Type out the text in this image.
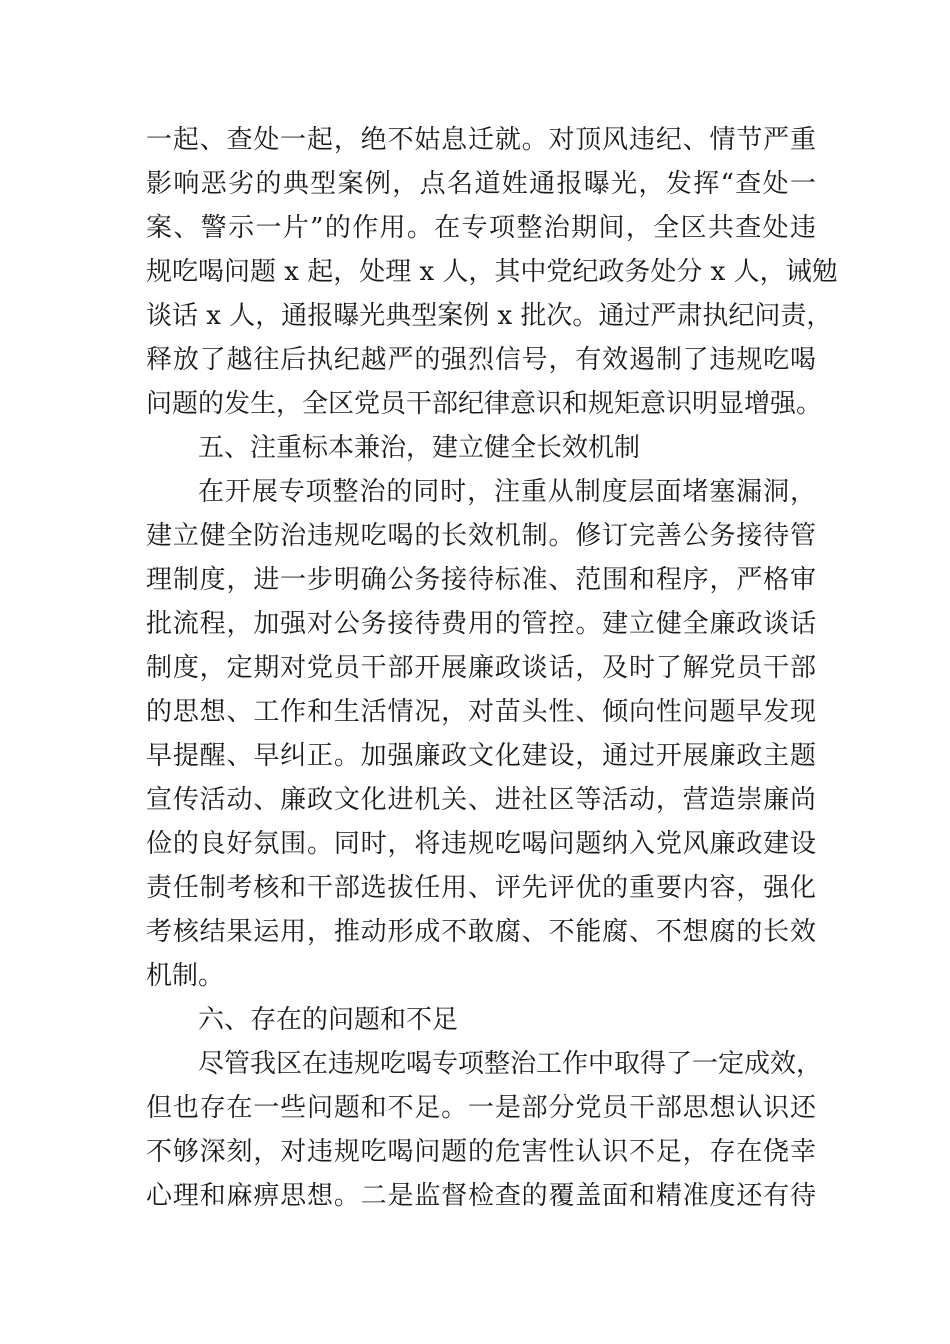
一起、查处一起，绝不姑息迁就。对顶风违纪、情节严重
影响恶劣的典型案例，点名道姓通报曝光，发挥“查处一
案、警示一片”的作用。在专项整治期间，全区共查处违
规吃喝问题 x 起，处理 x 人，其中党纪政务处分 x 人，诫勉
谈话 x 人，通报曝光典型案例 x 批次。通过严肃执纪问责，
释放了越往后执纪越严的强烈信号，有效遏制了违规吃喝
问题的发生，全区党员干部纪律意识和规矩意识明显增强。
五、注重标本兼治，建立健全长效机制
在开展专项整治的同时，注重从制度层面堵塞漏洞，
建立健全防治违规吃喝的长效机制。修订完善公务接待管
理制度，进一步明确公务接待标准、范围和程序，严格审
批流程，加强对公务接待费用的管控。建立健全廉政谈话
制度，定期对党员干部开展廉政谈话，及时了解党员干部
的思想、工作和生活情况，对苗头性、倾向性问题早发现
早提醒、早纠正。加强廉政文化建设，通过开展廉政主题
宣传活动、廉政文化进机关、进社区等活动，营造崇廉尚
俭的良好氛围。同时，将违规吃喝问题纳入党风廉政建设
责任制考核和干部选拔任用、评先评优的重要内容，强化
考核结果运用，推动形成不敢腐、不能腐、不想腐的长效
机制。
六、存在的问题和不足
尽管我区在违规吃喝专项整治工作中取得了一定成效，
但也存在一些问题和不足。一是部分党员干部思想认识还
不够深刻，对违规吃喝问题的危害性认识不足，存在侥幸
心理和麻痹思想。二是监督检查的覆盖面和精准度还有待
